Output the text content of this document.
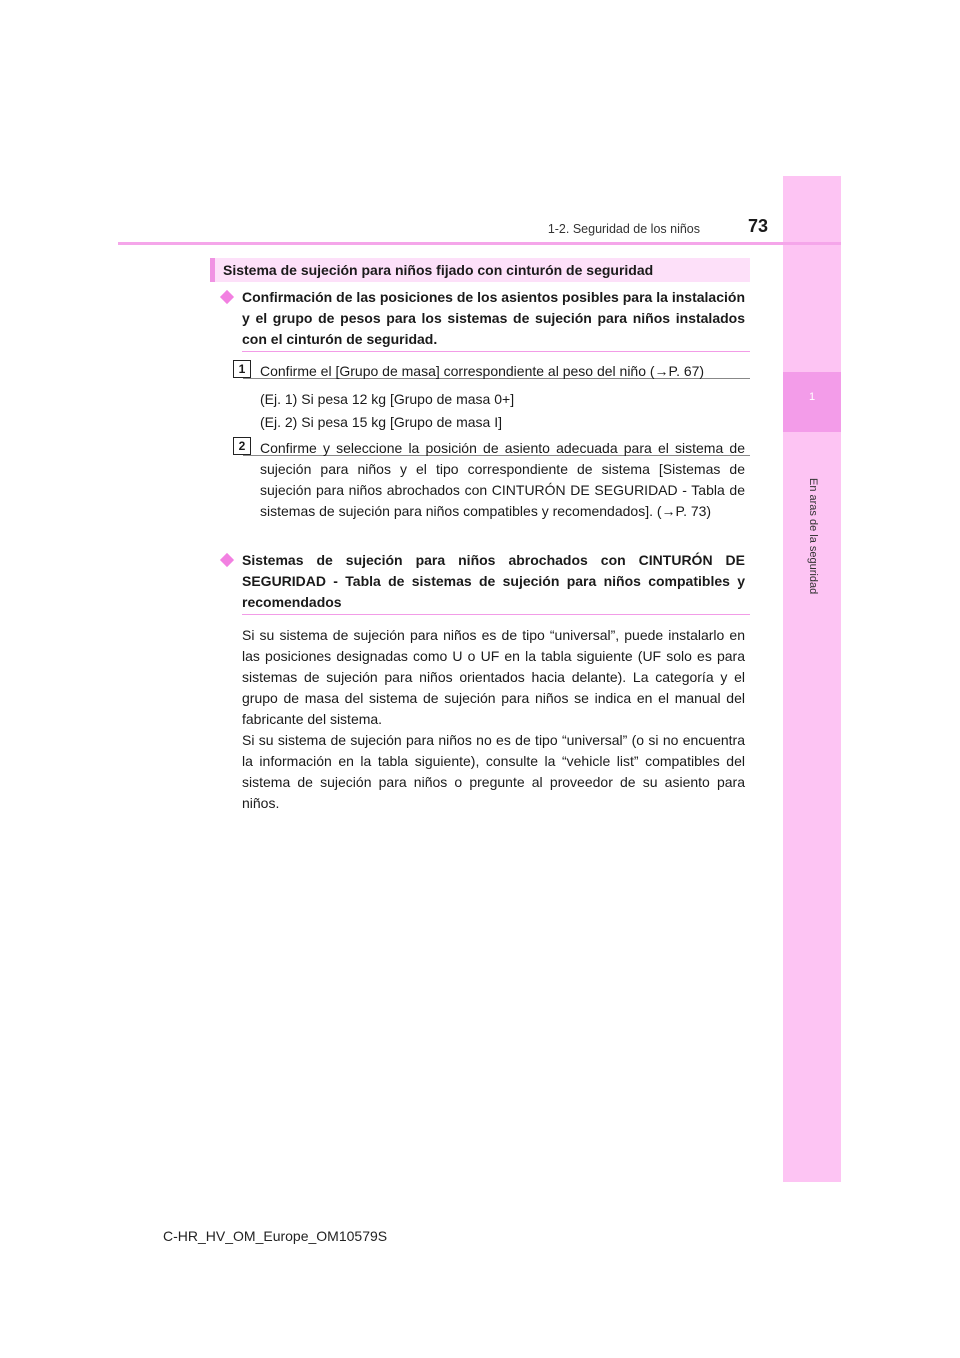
1
En aras de la seguridad
1-2. Seguridad de los niños	73
Sistema de sujeción para niños fijado con cinturón de seguridad
Confirmación de las posiciones de los asientos posibles para la instalación y el grupo de pesos para los sistemas de sujeción para niños instalados con el cinturón de seguridad.
1	Confirme el [Grupo de masa] correspondiente al peso del niño (→P. 67)
(Ej. 1) Si pesa 12 kg [Grupo de masa 0+]
(Ej. 2) Si pesa 15 kg [Grupo de masa I]
2	Confirme y seleccione la posición de asiento adecuada para el sistema de sujeción para niños y el tipo correspondiente de sistema [Sistemas de sujeción para niños abrochados con CINTURÓN DE SEGURIDAD - Tabla de sistemas de sujeción para niños compatibles y recomendados]. (→P. 73)
Sistemas de sujeción para niños abrochados con CINTURÓN DE SEGURIDAD - Tabla de sistemas de sujeción para niños compatibles y recomendados
Si su sistema de sujeción para niños es de tipo “universal”, puede instalarlo en las posiciones designadas como U o UF en la tabla siguiente (UF solo es para sistemas de sujeción para niños orientados hacia delante). La categoría y el grupo de masa del sistema de sujeción para niños se indica en el manual del fabricante del sistema.
Si su sistema de sujeción para niños no es de tipo “universal” (o si no encuentra la información en la tabla siguiente), consulte la “vehicle list” compatibles del sistema de sujeción para niños o pregunte al proveedor de su asiento para niños.
C-HR_HV_OM_Europe_OM10579S
